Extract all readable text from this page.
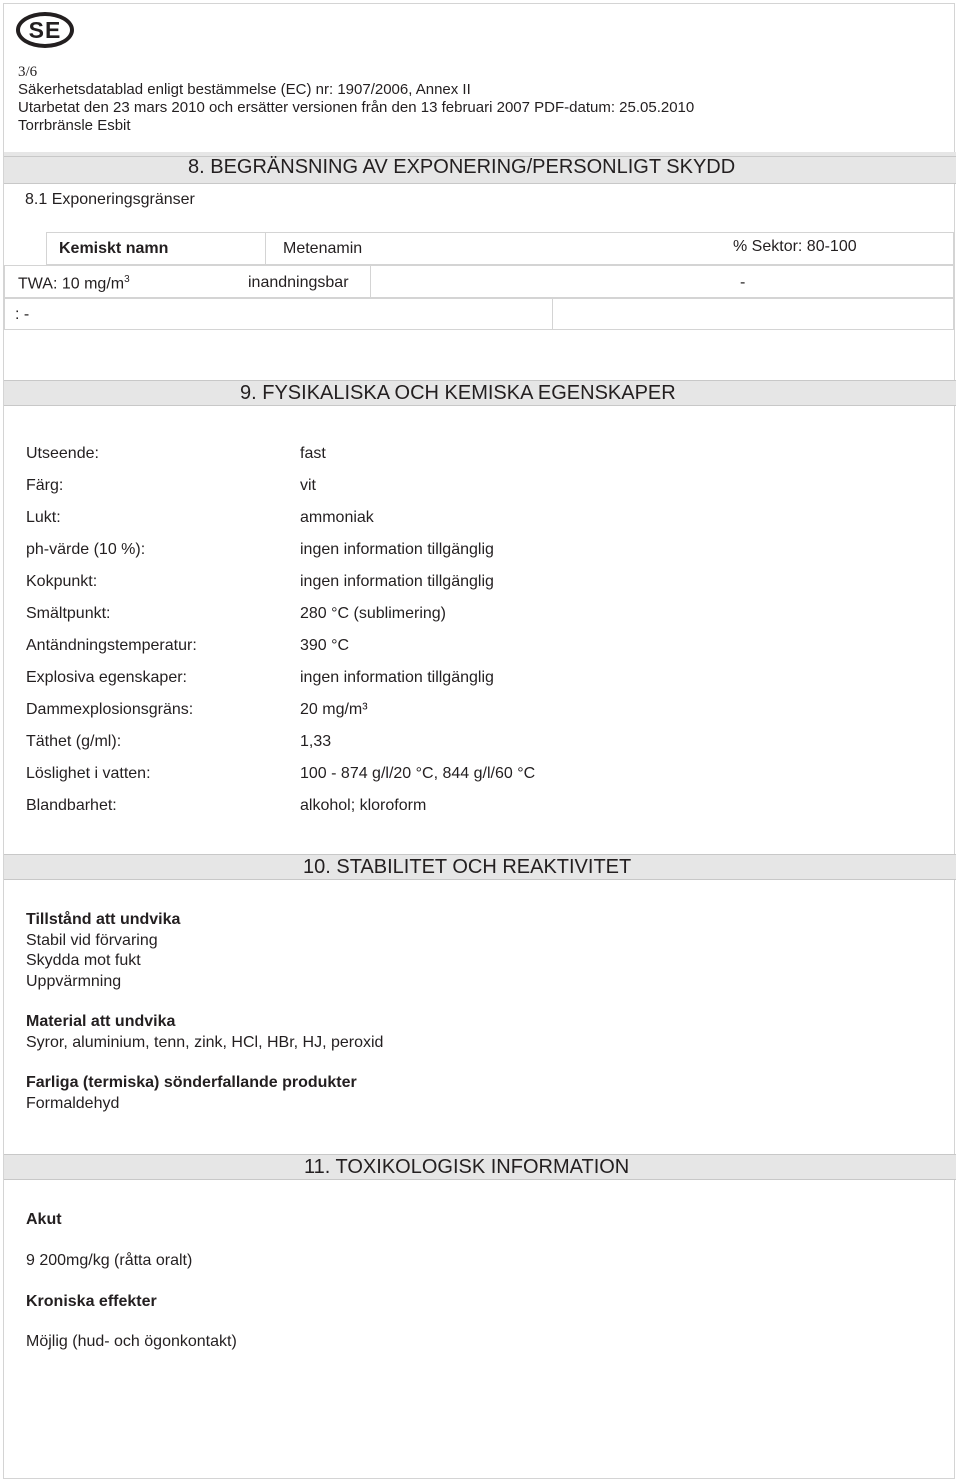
SE
3/6
Säkerhetsdatablad enligt bestämmelse (EC) nr: 1907/2006, Annex II
Utarbetat den 23 mars 2010 och ersätter versionen från den 13 februari 2007 PDF-datum: 25.05.2010
Torrbränsle Esbit
8. BEGRÄNSNING AV EXPONERING/PERSONLIGT SKYDD
8.1 Exponeringsgränser
Kemiskt namn	Metenamin	% Sektor: 80-100
TWA: 10 $mg/m^3$	inandningsbar	-
: -
9. FYSIKALISKA OCH KEMISKA EGENSKAPER
Utseende:	fast
Färg:	vit
Lukt:	ammoniak
ph-värde (10 %):	ingen information tillgänglig
Kokpunkt:	ingen information tillgänglig
Smältpunkt:	280 °C (sublimering)
Antändningstemperatur:	390 °C
Explosiva egenskaper:	ingen information tillgänglig
Dammexplosionsgräns:	20 mg/m³
Täthet (g/ml):	1,33
Löslighet i vatten:	100 - 874 g/l/20 °C, 844 g/l/60 °C
Blandbarhet:	alkohol; kloroform
10. STABILITET OCH REAKTIVITET
Tillstånd att undvika
Stabil vid förvaring
Skydda mot fukt
Uppvärmning
Material att undvika
Syror, aluminium, tenn, zink, HCl, HBr, HJ, peroxid
Farliga (termiska) sönderfallande produkter
Formaldehyd
11. TOXIKOLOGISK INFORMATION
Akut
9 200mg/kg (råtta oralt)
Kroniska effekter
Möjlig (hud- och ögonkontakt)
